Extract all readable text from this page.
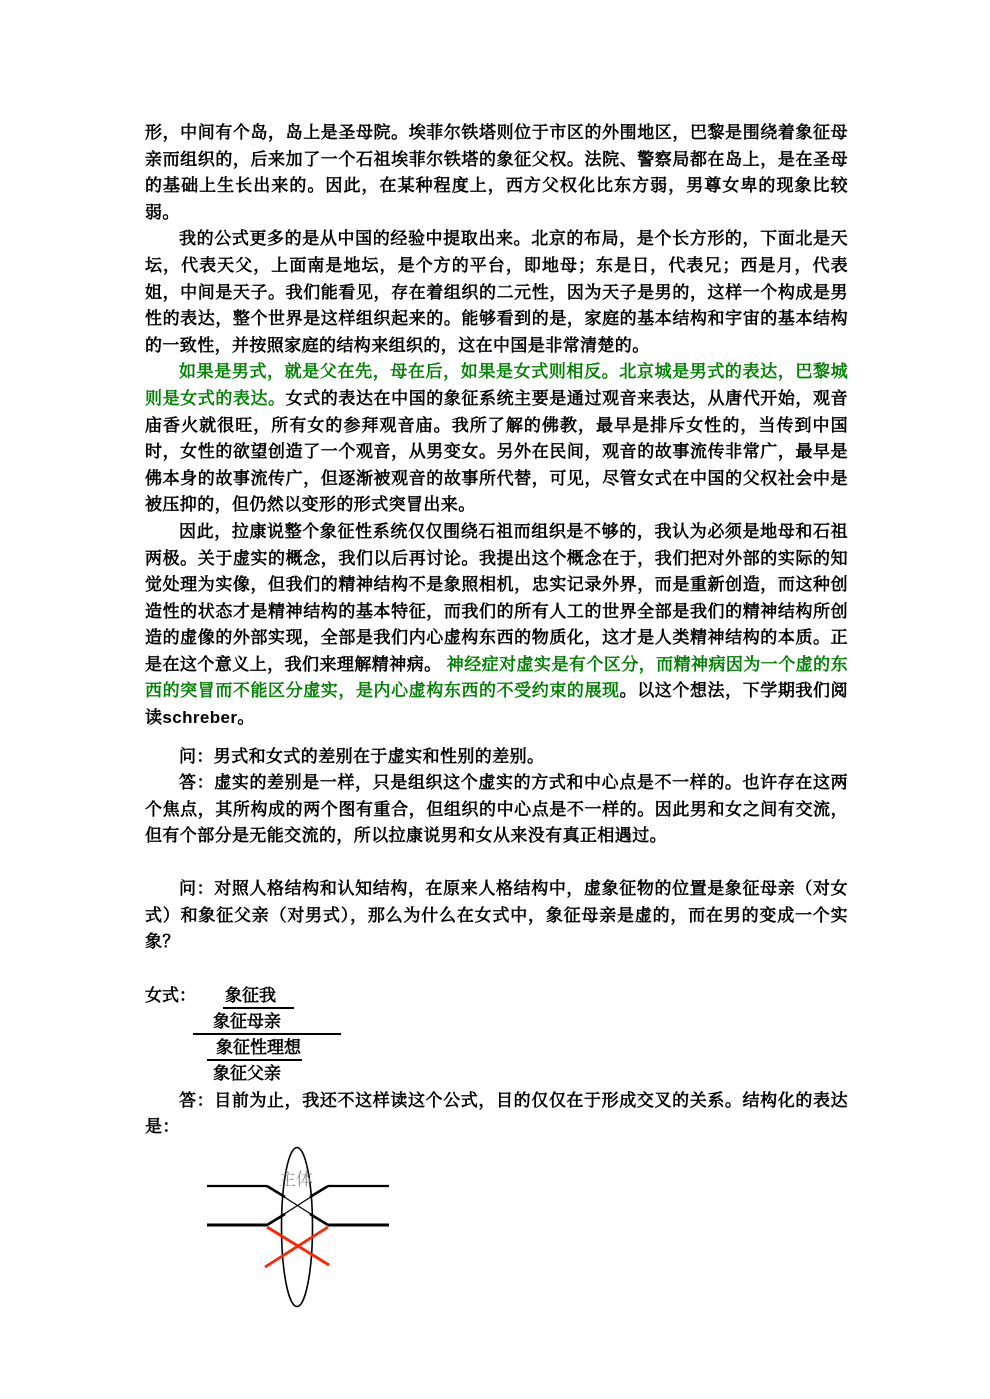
形，中间有个岛，岛上是圣母院。埃菲尔铁塔则位于市区的外围地区，巴黎是围绕着象征母亲而组织的，后来加了一个石祖埃菲尔铁塔的象征父权。法院、警察局都在岛上，是在圣母的基础上生长出来的。因此，在某种程度上，西方父权化比东方弱，男尊女卑的现象比较弱。

我的公式更多的是从中国的经验中提取出来。北京的布局，是个长方形的，下面北是天坛，代表天父，上面南是地坛，是个方的平台，即地母；东是日，代表兄；西是月，代表姐，中间是天子。我们能看见，存在着组织的二元性，因为天子是男的，这样一个构成是男性的表达，整个世界是这样组织起来的。能够看到的是，家庭的基本结构和宇宙的基本结构的一致性，并按照家庭的结构来组织的，这在中国是非常清楚的。

如果是男式，就是父在先，母在后，如果是女式则相反。北京城是男式的表达，巴黎城则是女式的表达。女式的表达在中国的象征系统主要是通过观音来表达，从唐代开始，观音庙香火就很旺，所有女的参拜观音庙。我所了解的佛教，最早是排斥女性的，当传到中国时，女性的欲望创造了一个观音，从男变女。另外在民间，观音的故事流传非常广，最早是佛本身的故事流传广，但逐渐被观音的故事所代替，可见，尽管女式在中国的父权社会中是被压抑的，但仍然以变形的形式突冒出来。

因此，拉康说整个象征性系统仅仅围绕石祖而组织是不够的，我认为必须是地母和石祖两极。关于虚实的概念，我们以后再讨论。我提出这个概念在于，我们把对外部的实际的知觉处理为实像，但我们的精神结构不是象照相机，忠实记录外界，而是重新创造，而这种创造性的状态才是精神结构的基本特征，而我们的所有人工的世界全部是我们的精神结构所创造的虚像的外部实现，全部是我们内心虚构东西的物质化，这才是人类精神结构的本质。正是在这个意义上，我们来理解精神病。 神经症对虚实是有个区分，而精神病因为一个虚的东西的突冒而不能区分虚实，是内心虚构东西的不受约束的展现。以这个想法，下学期我们阅读schreber。

问：男式和女式的差别在于虚实和性别的差别。

答：虚实的差别是一样，只是组织这个虚实的方式和中心点是不一样的。也许存在这两个焦点，其所构成的两个图有重合，但组织的中心点是不一样的。因此男和女之间有交流，但有个部分是无能交流的，所以拉康说男和女从来没有真正相遇过。

问：对照人格结构和认知结构，在原来人格结构中，虚象征物的位置是象征母亲（对女式）和象征父亲（对男式），那么为什么在女式中，象征母亲是虚的，而在男的变成一个实象？

女式： 象征我
象征母亲
象征性理想
象征父亲

答：目前为止，我还不这样读这个公式，目的仅仅在于形成交叉的关系。结构化的表达是：

主体
